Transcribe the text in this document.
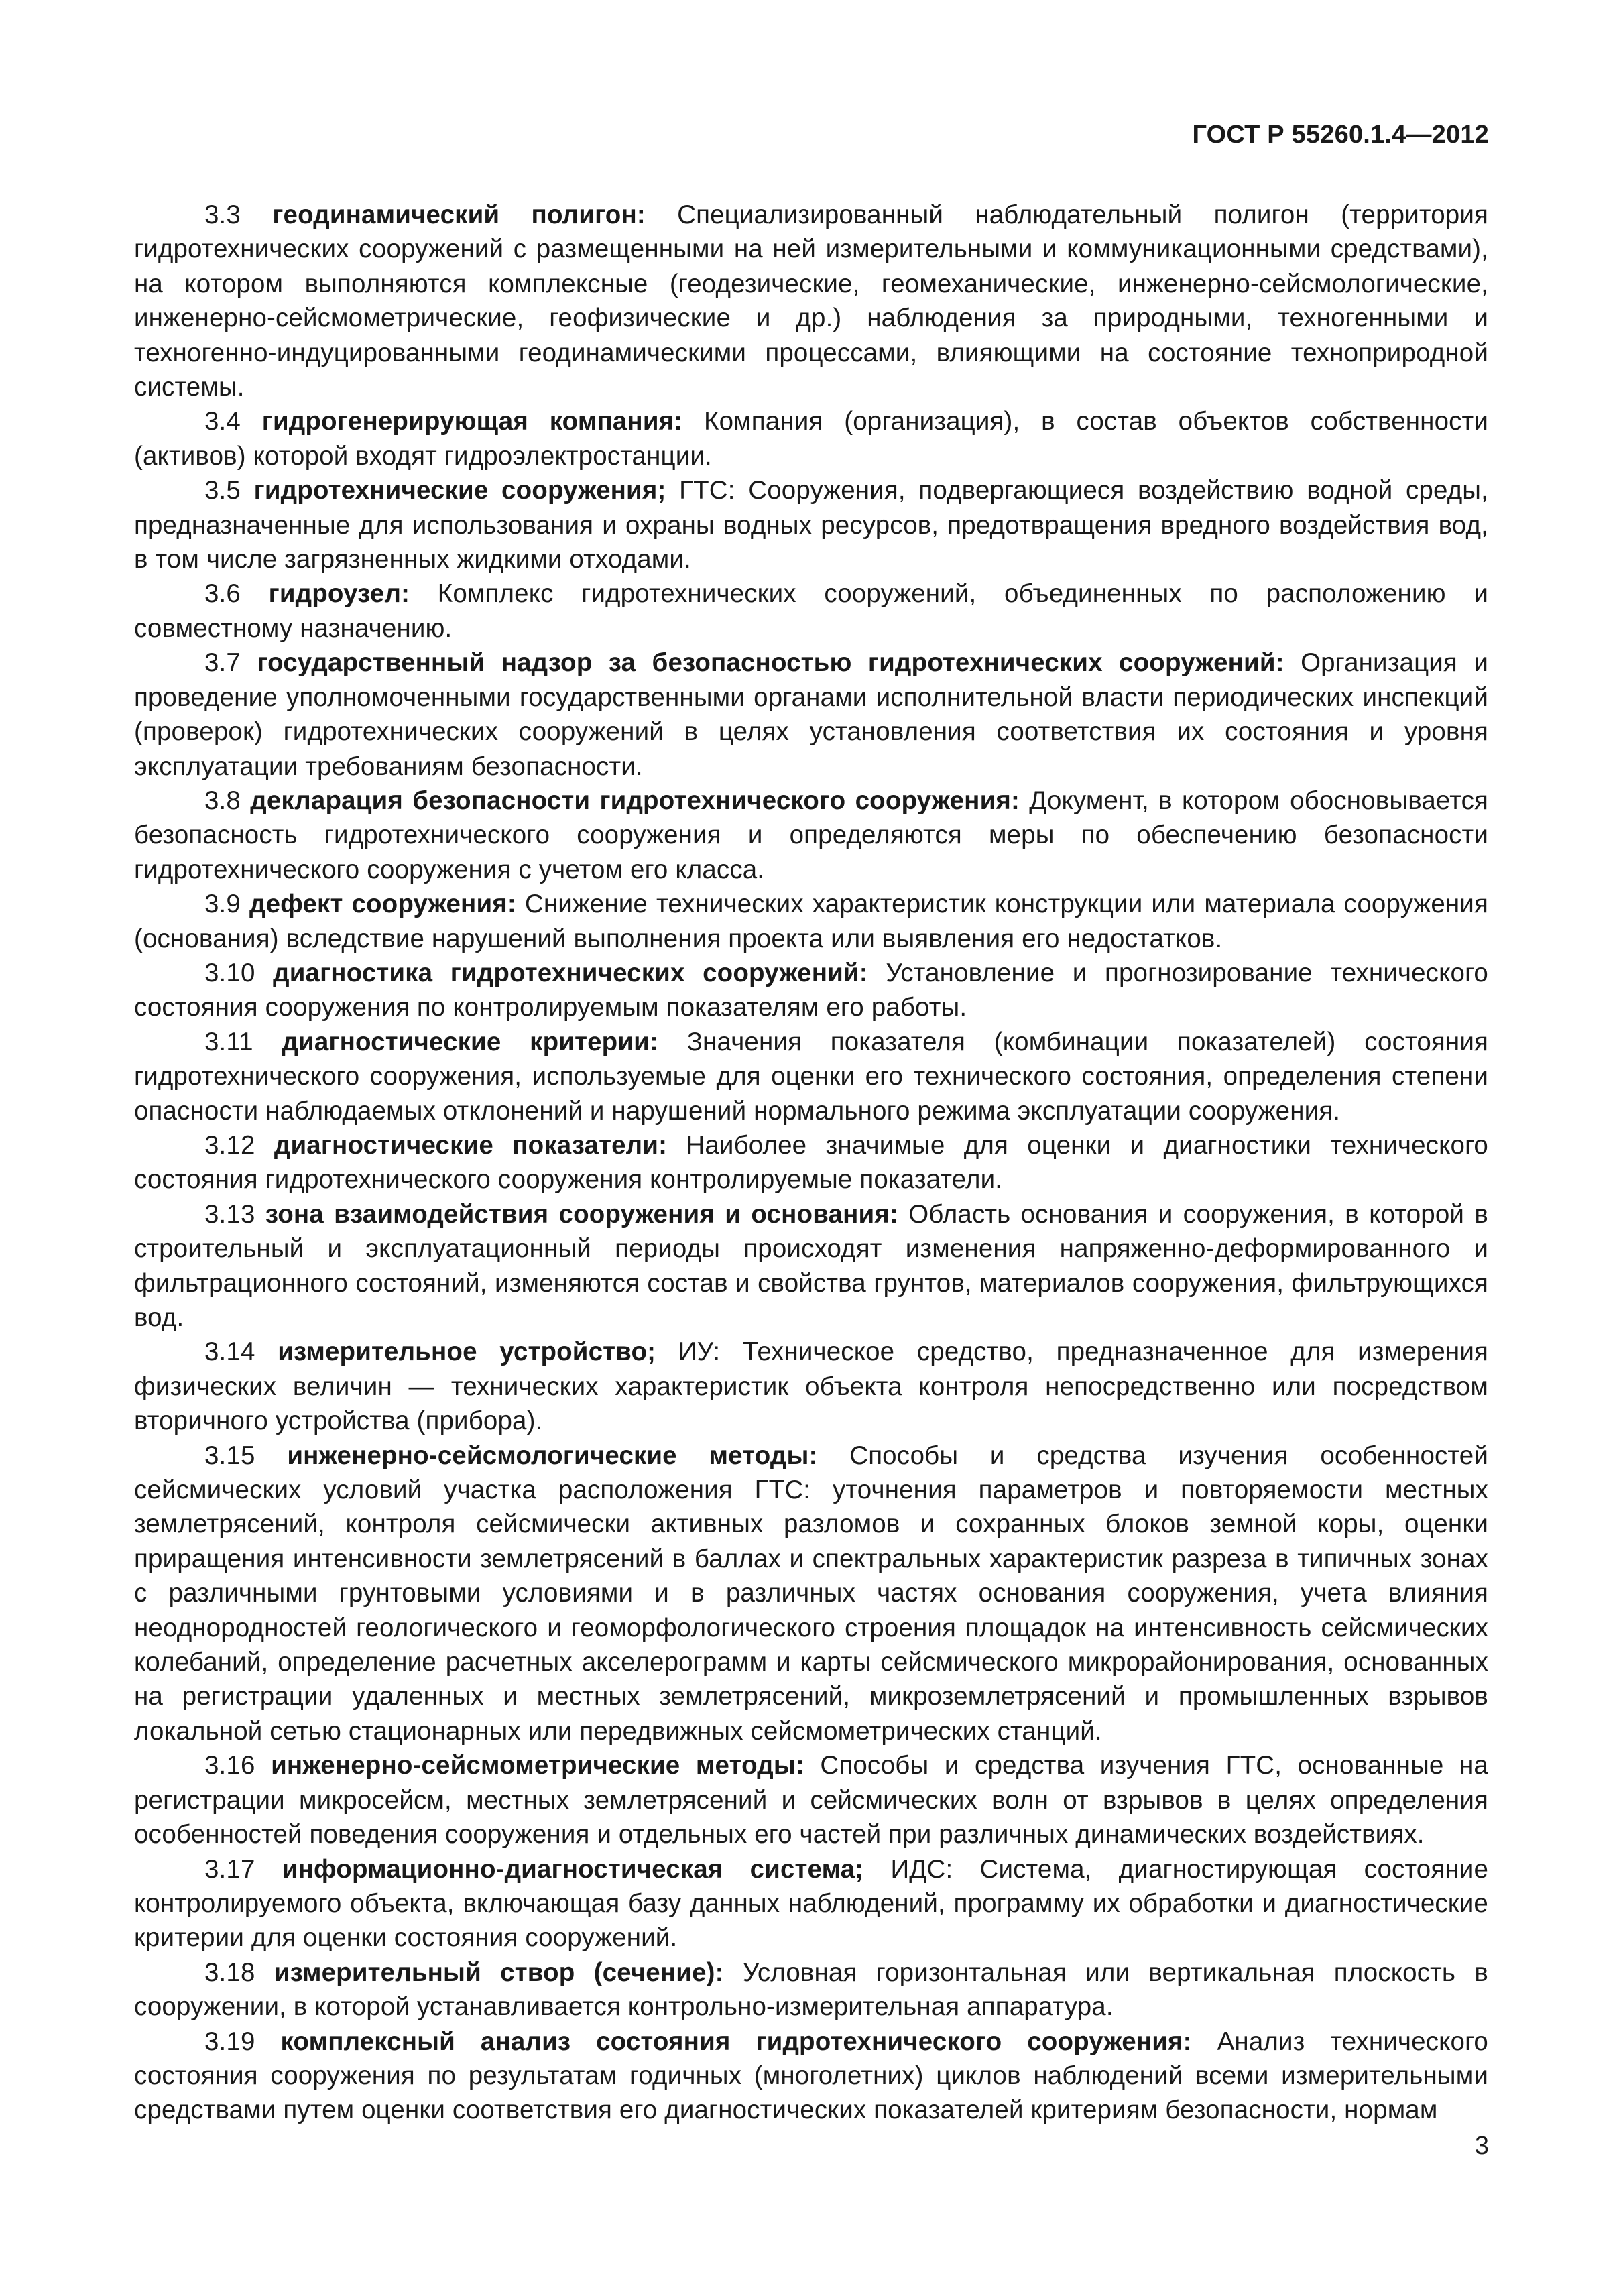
ГОСТ Р 55260.1.4—2012

3.3 геодинамический полигон: Специализированный наблюдательный полигон (территория гидротехнических сооружений с размещенными на ней измерительными и коммуникационными средствами), на котором выполняются комплексные (геодезические, геомеханические, инженерно-сейсмологические, инженерно-сейсмометрические, геофизические и др.) наблюдения за природными, техногенными и техногенно-индуцированными геодинамическими процессами, влияющими на состояние техноприродной системы.

3.4 гидрогенерирующая компания: Компания (организация), в состав объектов собственности (активов) которой входят гидроэлектростанции.

3.5 гидротехнические сооружения; ГТС: Сооружения, подвергающиеся воздействию водной среды, предназначенные для использования и охраны водных ресурсов, предотвращения вредного воздействия вод, в том числе загрязненных жидкими отходами.

3.6 гидроузел: Комплекс гидротехнических сооружений, объединенных по расположению и совместному назначению.

3.7 государственный надзор за безопасностью гидротехнических сооружений: Организация и проведение уполномоченными государственными органами исполнительной власти периодических инспекций (проверок) гидротехнических сооружений в целях установления соответствия их состояния и уровня эксплуатации требованиям безопасности.

3.8 декларация безопасности гидротехнического сооружения: Документ, в котором обосновывается безопасность гидротехнического сооружения и определяются меры по обеспечению безопасности гидротехнического сооружения с учетом его класса.

3.9 дефект сооружения: Снижение технических характеристик конструкции или материала сооружения (основания) вследствие нарушений выполнения проекта или выявления его недостатков.

3.10 диагностика гидротехнических сооружений: Установление и прогнозирование технического состояния сооружения по контролируемым показателям его работы.

3.11 диагностические критерии: Значения показателя (комбинации показателей) состояния гидротехнического сооружения, используемые для оценки его технического состояния, определения степени опасности наблюдаемых отклонений и нарушений нормального режима эксплуатации сооружения.

3.12 диагностические показатели: Наиболее значимые для оценки и диагностики технического состояния гидротехнического сооружения контролируемые показатели.

3.13 зона взаимодействия сооружения и основания: Область основания и сооружения, в которой в строительный и эксплуатационный периоды происходят изменения напряженно-деформированного и фильтрационного состояний, изменяются состав и свойства грунтов, материалов сооружения, фильтрующихся вод.

3.14 измерительное устройство; ИУ: Техническое средство, предназначенное для измерения физических величин — технических характеристик объекта контроля непосредственно или посредством вторичного устройства (прибора).

3.15 инженерно-сейсмологические методы: Способы и средства изучения особенностей сейсмических условий участка расположения ГТС: уточнения параметров и повторяемости местных землетрясений, контроля сейсмически активных разломов и сохранных блоков земной коры, оценки приращения интенсивности землетрясений в баллах и спектральных характеристик разреза в типичных зонах с различными грунтовыми условиями и в различных частях основания сооружения, учета влияния неоднородностей геологического и геоморфологического строения площадок на интенсивность сейсмических колебаний, определение расчетных акселерограмм и карты сейсмического микрорайонирования, основанных на регистрации удаленных и местных землетрясений, микроземлетрясений и промышленных взрывов локальной сетью стационарных или передвижных сейсмометрических станций.

3.16 инженерно-сейсмометрические методы: Способы и средства изучения ГТС, основанные на регистрации микросейсм, местных землетрясений и сейсмических волн от взрывов в целях определения особенностей поведения сооружения и отдельных его частей при различных динамических воздействиях.

3.17 информационно-диагностическая система; ИДС: Система, диагностирующая состояние контролируемого объекта, включающая базу данных наблюдений, программу их обработки и диагностические критерии для оценки состояния сооружений.

3.18 измерительный створ (сечение): Условная горизонтальная или вертикальная плоскость в сооружении, в которой устанавливается контрольно-измерительная аппаратура.

3.19 комплексный анализ состояния гидротехнического сооружения: Анализ технического состояния сооружения по результатам годичных (многолетних) циклов наблюдений всеми измерительными средствами путем оценки соответствия его диагностических показателей критериям безопасности, нормам

3
